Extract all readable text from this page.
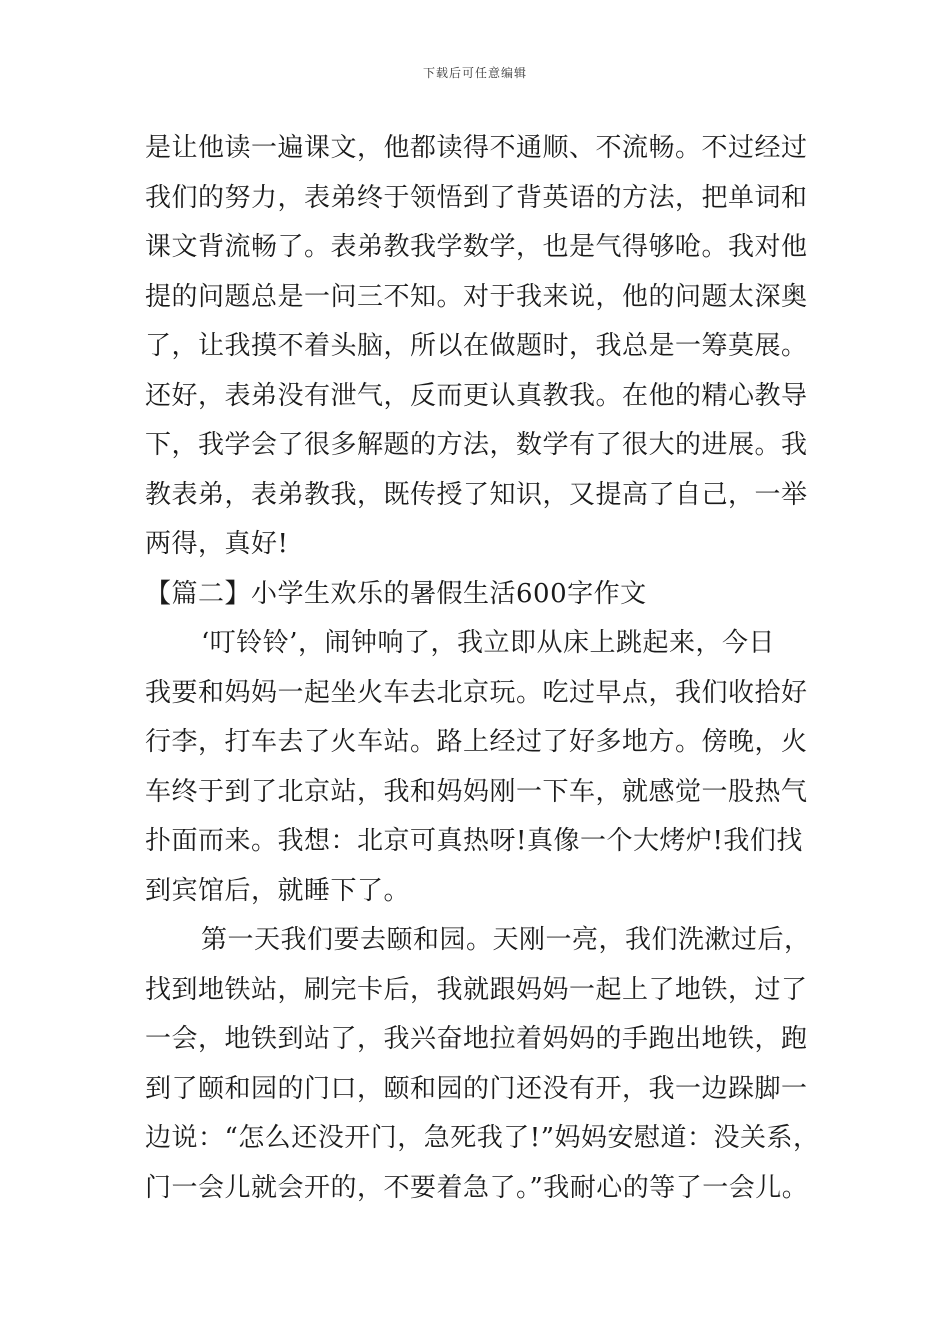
下载后可任意编辑
是让他读一遍课文，他都读得不通顺、不流畅。不过经过
我们的努力，表弟终于领悟到了背英语的方法，把单词和
课文背流畅了。表弟教我学数学，也是气得够呛。我对他
提的问题总是一问三不知。对于我来说，他的问题太深奥
了，让我摸不着头脑，所以在做题时，我总是一筹莫展。
还好，表弟没有泄气，反而更认真教我。在他的精心教导
下，我学会了很多解题的方法，数学有了很大的进展。我
教表弟，表弟教我，既传授了知识，又提高了自己，一举
两得，真好!
【篇二】小学生欢乐的暑假生活600字作文
‘叮铃铃’，闹钟响了，我立即从床上跳起来，今日
我要和妈妈一起坐火车去北京玩。吃过早点，我们收拾好
行李，打车去了火车站。路上经过了好多地方。傍晚，火
车终于到了北京站，我和妈妈刚一下车，就感觉一股热气
扑面而来。我想：北京可真热呀!真像一个大烤炉!我们找
到宾馆后，就睡下了。
第一天我们要去颐和园。天刚一亮，我们洗漱过后，
找到地铁站，刷完卡后，我就跟妈妈一起上了地铁，过了
一会，地铁到站了，我兴奋地拉着妈妈的手跑出地铁，跑
到了颐和园的门口，颐和园的门还没有开，我一边跺脚一
边说：“怎么还没开门，急死我了!”妈妈安慰道：没关系，
门一会儿就会开的，不要着急了。”我耐心的等了一会儿。
